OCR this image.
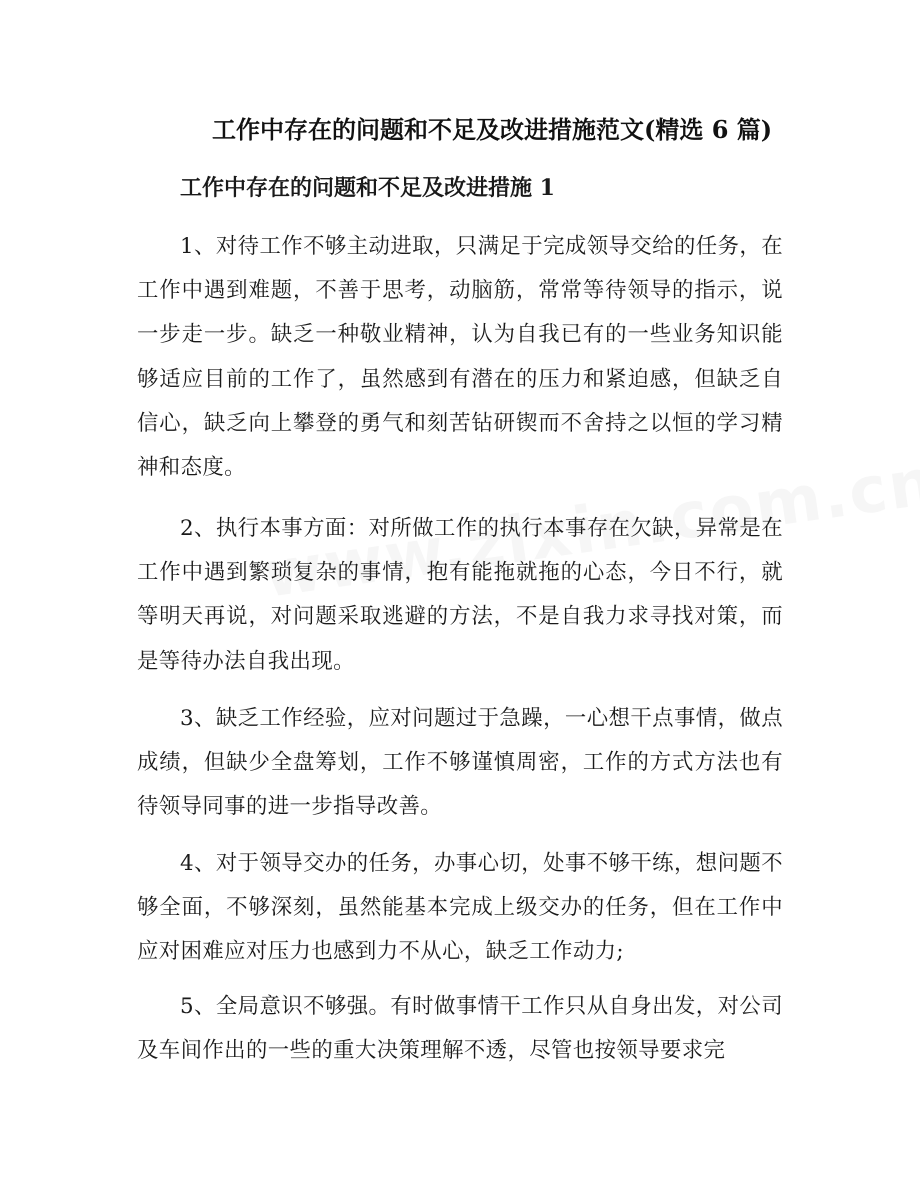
工作中存在的问题和不足及改进措施范文(精选 6 篇)
工作中存在的问题和不足及改进措施 1

1、对待工作不够主动进取，只满足于完成领导交给的任务，在工作中遇到难题，不善于思考，动脑筋，常常等待领导的指示，说一步走一步。缺乏一种敬业精神，认为自我已有的一些业务知识能够适应目前的工作了，虽然感到有潜在的压力和紧迫感，但缺乏自信心，缺乏向上攀登的勇气和刻苦钻研锲而不舍持之以恒的学习精神和态度。

2、执行本事方面：对所做工作的执行本事存在欠缺，异常是在工作中遇到繁琐复杂的事情，抱有能拖就拖的心态，今日不行，就等明天再说，对问题采取逃避的方法，不是自我力求寻找对策，而是等待办法自我出现。

3、缺乏工作经验，应对问题过于急躁，一心想干点事情，做点成绩，但缺少全盘筹划，工作不够谨慎周密，工作的方式方法也有待领导同事的进一步指导改善。

4、对于领导交办的任务，办事心切，处事不够干练，想问题不够全面，不够深刻，虽然能基本完成上级交办的任务，但在工作中应对困难应对压力也感到力不从心，缺乏工作动力;

5、全局意识不够强。有时做事情干工作只从自身出发，对公司及车间作出的一些的重大决策理解不透，尽管也按领导要求完
